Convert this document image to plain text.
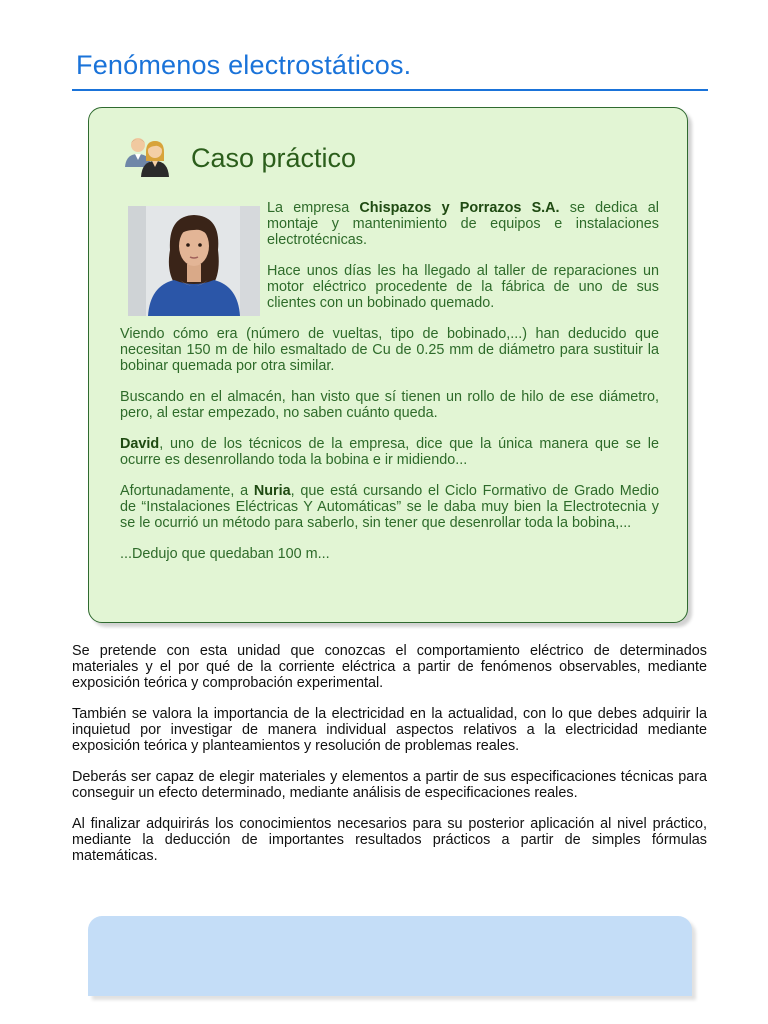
Fenómenos electrostáticos.
Caso práctico

La empresa Chispazos y Porrazos S.A. se dedica al montaje y mantenimiento de equipos e instalaciones electrotécnicas.

Hace unos días les ha llegado al taller de reparaciones un motor eléctrico procedente de la fábrica de uno de sus clientes con un bobinado quemado.

Viendo cómo era (número de vueltas, tipo de bobinado,...) han deducido que necesitan 150 m de hilo esmaltado de Cu de 0.25 mm de diámetro para sustituir la bobinar quemada por otra similar.

Buscando en el almacén, han visto que sí tienen un rollo de hilo de ese diámetro, pero, al estar empezado, no saben cuánto queda.

David, uno de los técnicos de la empresa, dice que la única manera que se le ocurre es desenrollando toda la bobina e ir midiendo...

Afortunadamente, a Nuria, que está cursando el Ciclo Formativo de Grado Medio de “Instalaciones Eléctricas Y Automáticas” se le daba muy bien la Electrotecnia y se le ocurrió un método para saberlo, sin tener que desenrollar toda la bobina,...

...Dedujo que quedaban 100 m...

Se pretende con esta unidad que conozcas el comportamiento eléctrico de determinados materiales y el por qué de la corriente eléctrica a partir de fenómenos observables, mediante exposición teórica y comprobación experimental.

También se valora la importancia de la electricidad en la actualidad, con lo que debes adquirir la inquietud por investigar de manera individual aspectos relativos a la electricidad mediante exposición teórica y planteamientos y resolución de problemas reales.

Deberás ser capaz de elegir materiales y elementos a partir de sus especificaciones técnicas para conseguir un efecto determinado, mediante análisis de especificaciones reales.

Al finalizar adquirirás los conocimientos necesarios para su posterior aplicación al nivel práctico, mediante la deducción de importantes resultados prácticos a partir de simples fórmulas matemáticas.
